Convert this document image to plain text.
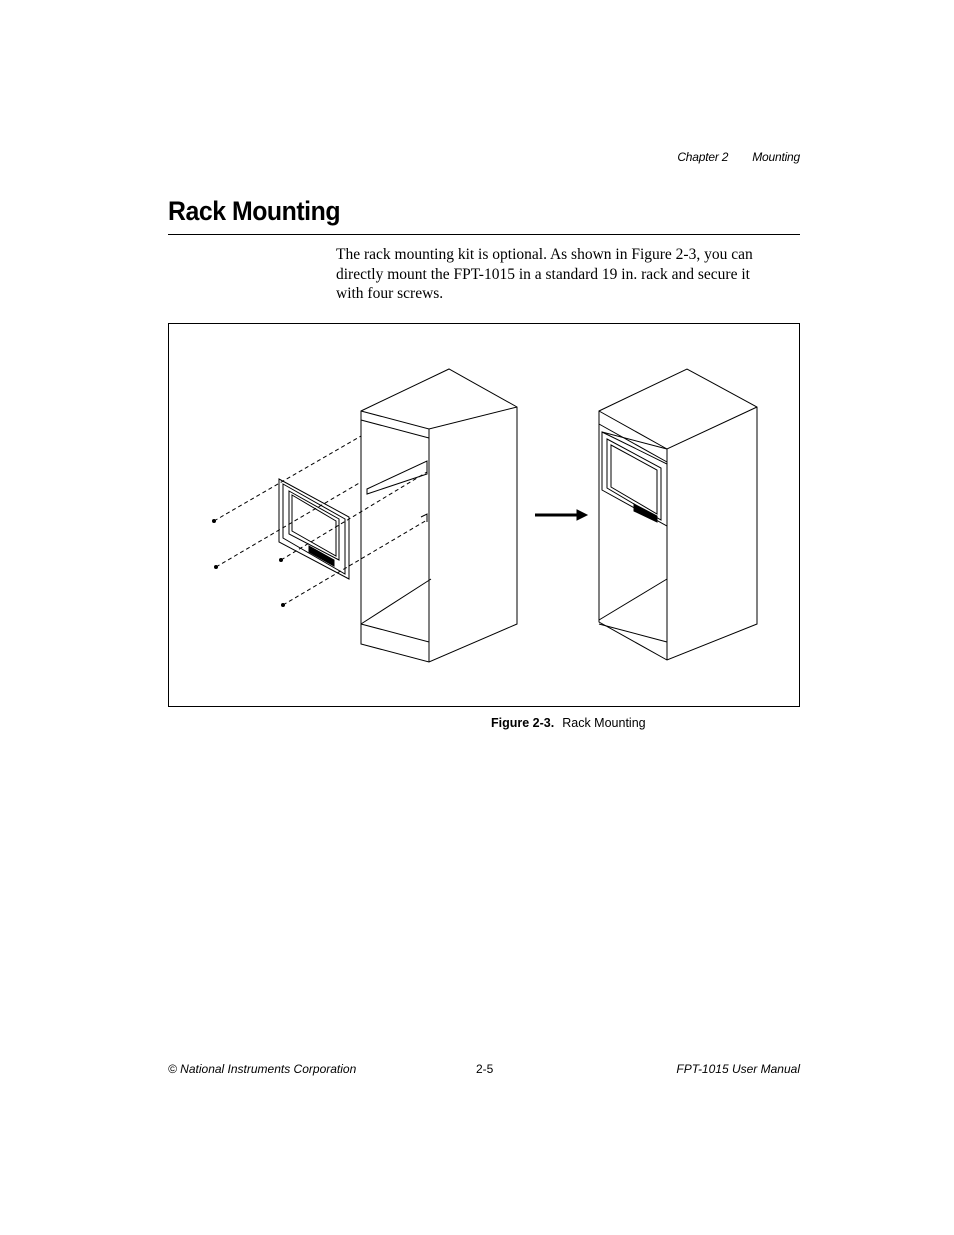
Chapter 2 Mounting
Rack Mounting

The rack mounting kit is optional. As shown in Figure 2-3, you can directly mount the FPT-1015 in a standard 19 in. rack and secure it with four screws.

Figure 2-3. Rack Mounting
© National Instruments Corporation	2-5	FPT-1015 User Manual
